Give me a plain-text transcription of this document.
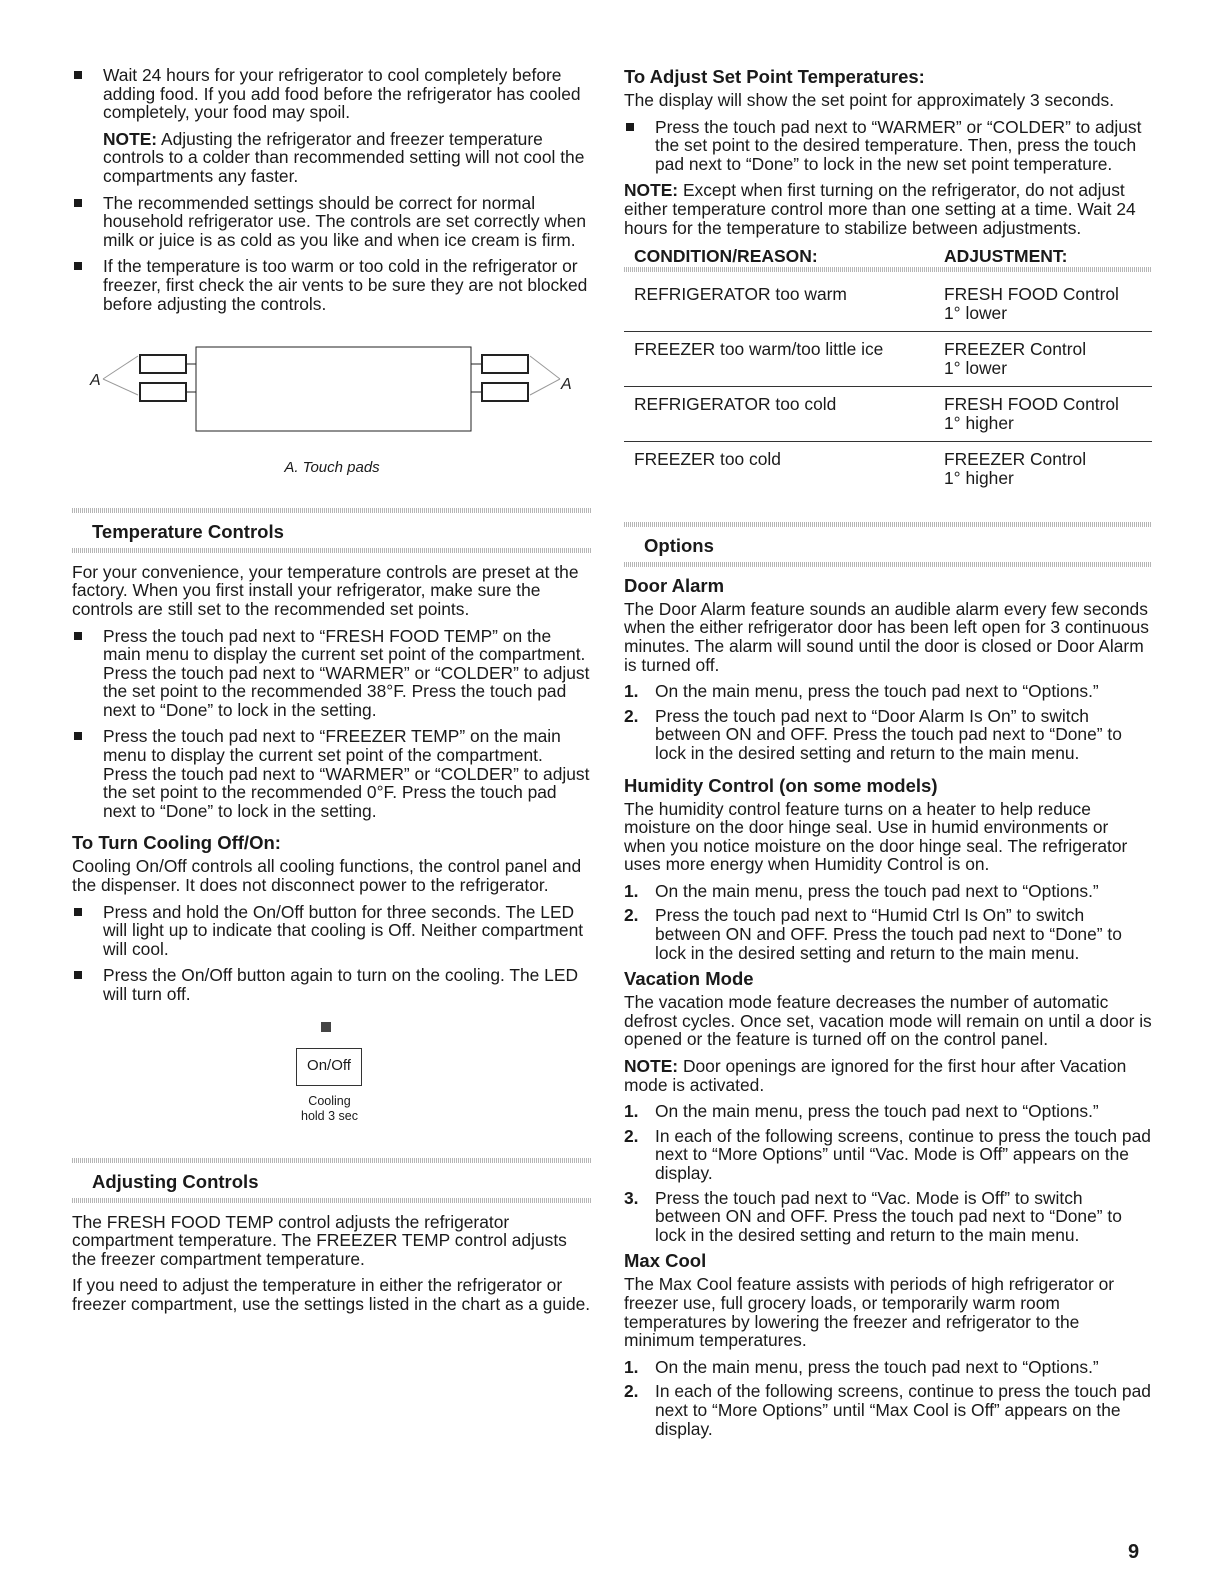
Wait 24 hours for your refrigerator to cool completely before adding food. If you add food before the refrigerator has cooled completely, your food may spoil.

NOTE: Adjusting the refrigerator and freezer temperature controls to a colder than recommended setting will not cool the compartments any faster.

The recommended settings should be correct for normal household refrigerator use. The controls are set correctly when milk or juice is as cold as you like and when ice cream is firm.
If the temperature is too warm or too cold in the refrigerator or freezer, first check the air vents to be sure they are not blocked before adjusting the controls.
A	A
A. Touch pads
Temperature Controls

For your convenience, your temperature controls are preset at the factory. When you first install your refrigerator, make sure the controls are still set to the recommended set points.

Press the touch pad next to “FRESH FOOD TEMP” on the main menu to display the current set point of the compartment. Press the touch pad next to “WARMER” or “COLDER” to adjust the set point to the recommended 38°F. Press the touch pad next to “Done” to lock in the setting.
Press the touch pad next to “FREEZER TEMP” on the main menu to display the current set point of the compartment. Press the touch pad next to “WARMER” or “COLDER” to adjust the set point to the recommended 0°F. Press the touch pad next to “Done” to lock in the setting.
To Turn Cooling Off/On:

Cooling On/Off controls all cooling functions, the control panel and the dispenser. It does not disconnect power to the refrigerator.

Press and hold the On/Off button for three seconds. The LED will light up to indicate that cooling is Off. Neither compartment will cool.
Press the On/Off button again to turn on the cooling. The LED will turn off.
On/Off
Cooling
hold 3 sec
Adjusting Controls

The FRESH FOOD TEMP control adjusts the refrigerator compartment temperature. The FREEZER TEMP control adjusts the freezer compartment temperature.

If you need to adjust the temperature in either the refrigerator or freezer compartment, use the settings listed in the chart as a guide.

To Adjust Set Point Temperatures:

The display will show the set point for approximately 3 seconds.

Press the touch pad next to “WARMER” or “COLDER” to adjust the set point to the desired temperature. Then, press the touch pad next to “Done” to lock in the new set point temperature.

NOTE: Except when first turning on the refrigerator, do not adjust either temperature control more than one setting at a time. Wait 24 hours for the temperature to stabilize between adjustments.

CONDITION/REASON:	ADJUSTMENT:
REFRIGERATOR too warm	FRESH FOOD Control
1° lower

FREEZER too warm/too little ice	FREEZER Control
1° lower

REFRIGERATOR too cold	FRESH FOOD Control
1° higher

FREEZER too cold	FREEZER Control
1° higher
Options
Door Alarm

The Door Alarm feature sounds an audible alarm every few seconds when the either refrigerator door has been left open for 3 continuous minutes. The alarm will sound until the door is closed or Door Alarm is turned off.

1. On the main menu, press the touch pad next to “Options.”
2. Press the touch pad next to “Door Alarm Is On” to switch between ON and OFF. Press the touch pad next to “Done” to lock in the desired setting and return to the main menu.
Humidity Control (on some models)

The humidity control feature turns on a heater to help reduce moisture on the door hinge seal. Use in humid environments or when you notice moisture on the door hinge seal. The refrigerator uses more energy when Humidity Control is on.

1. On the main menu, press the touch pad next to “Options.”
2. Press the touch pad next to “Humid Ctrl Is On” to switch between ON and OFF. Press the touch pad next to “Done” to lock in the desired setting and return to the main menu.
Vacation Mode

The vacation mode feature decreases the number of automatic defrost cycles. Once set, vacation mode will remain on until a door is opened or the feature is turned off on the control panel.

NOTE: Door openings are ignored for the first hour after Vacation mode is activated.

1. On the main menu, press the touch pad next to “Options.”
2. In each of the following screens, continue to press the touch pad next to “More Options” until “Vac. Mode is Off” appears on the display.
3. Press the touch pad next to “Vac. Mode is Off” to switch between ON and OFF. Press the touch pad next to “Done” to lock in the desired setting and return to the main menu.
Max Cool

The Max Cool feature assists with periods of high refrigerator or freezer use, full grocery loads, or temporarily warm room temperatures by lowering the freezer and refrigerator to the minimum temperatures.

1. On the main menu, press the touch pad next to “Options.”
2. In each of the following screens, continue to press the touch pad next to “More Options” until “Max Cool is Off” appears on the display.
9
